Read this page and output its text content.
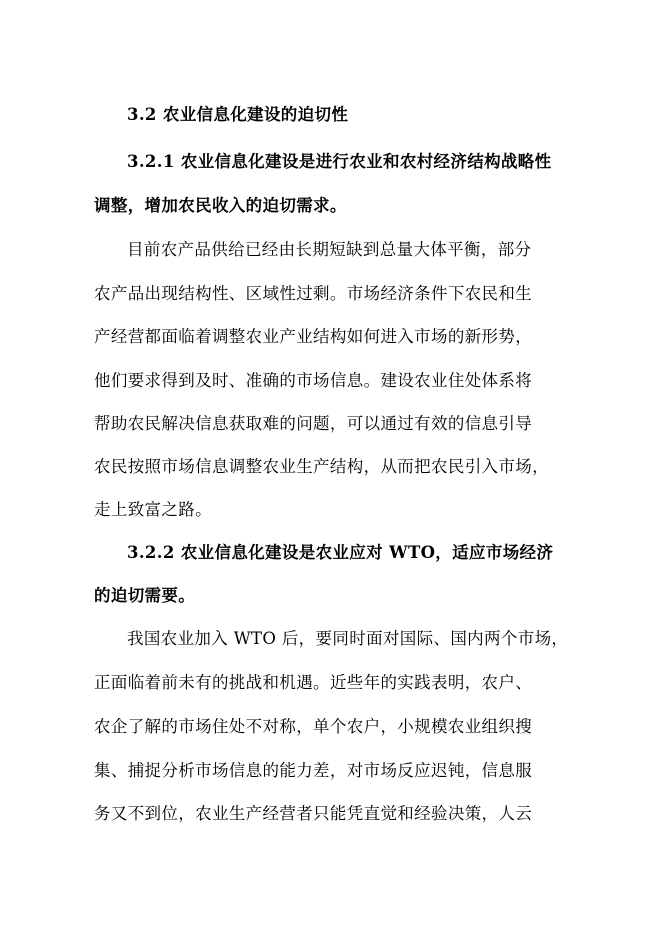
3.2 农业信息化建设的迫切性
3.2.1 农业信息化建设是进行农业和农村经济结构战略性
调整，增加农民收入的迫切需求。
目前农产品供给已经由长期短缺到总量大体平衡，部分
农产品出现结构性、区域性过剩。市场经济条件下农民和生
产经营都面临着调整农业产业结构如何进入市场的新形势，
他们要求得到及时、准确的市场信息。建设农业住处体系将
帮助农民解决信息获取难的问题，可以通过有效的信息引导
农民按照市场信息调整农业生产结构，从而把农民引入市场，
走上致富之路。
3.2.2 农业信息化建设是农业应对 WTO，适应市场经济
的迫切需要。
我国农业加入 WTO 后，要同时面对国际、国内两个市场，
正面临着前未有的挑战和机遇。近些年的实践表明，农户、
农企了解的市场住处不对称，单个农户，小规模农业组织搜
集、捕捉分析市场信息的能力差，对市场反应迟钝，信息服
务又不到位，农业生产经营者只能凭直觉和经验决策，人云
